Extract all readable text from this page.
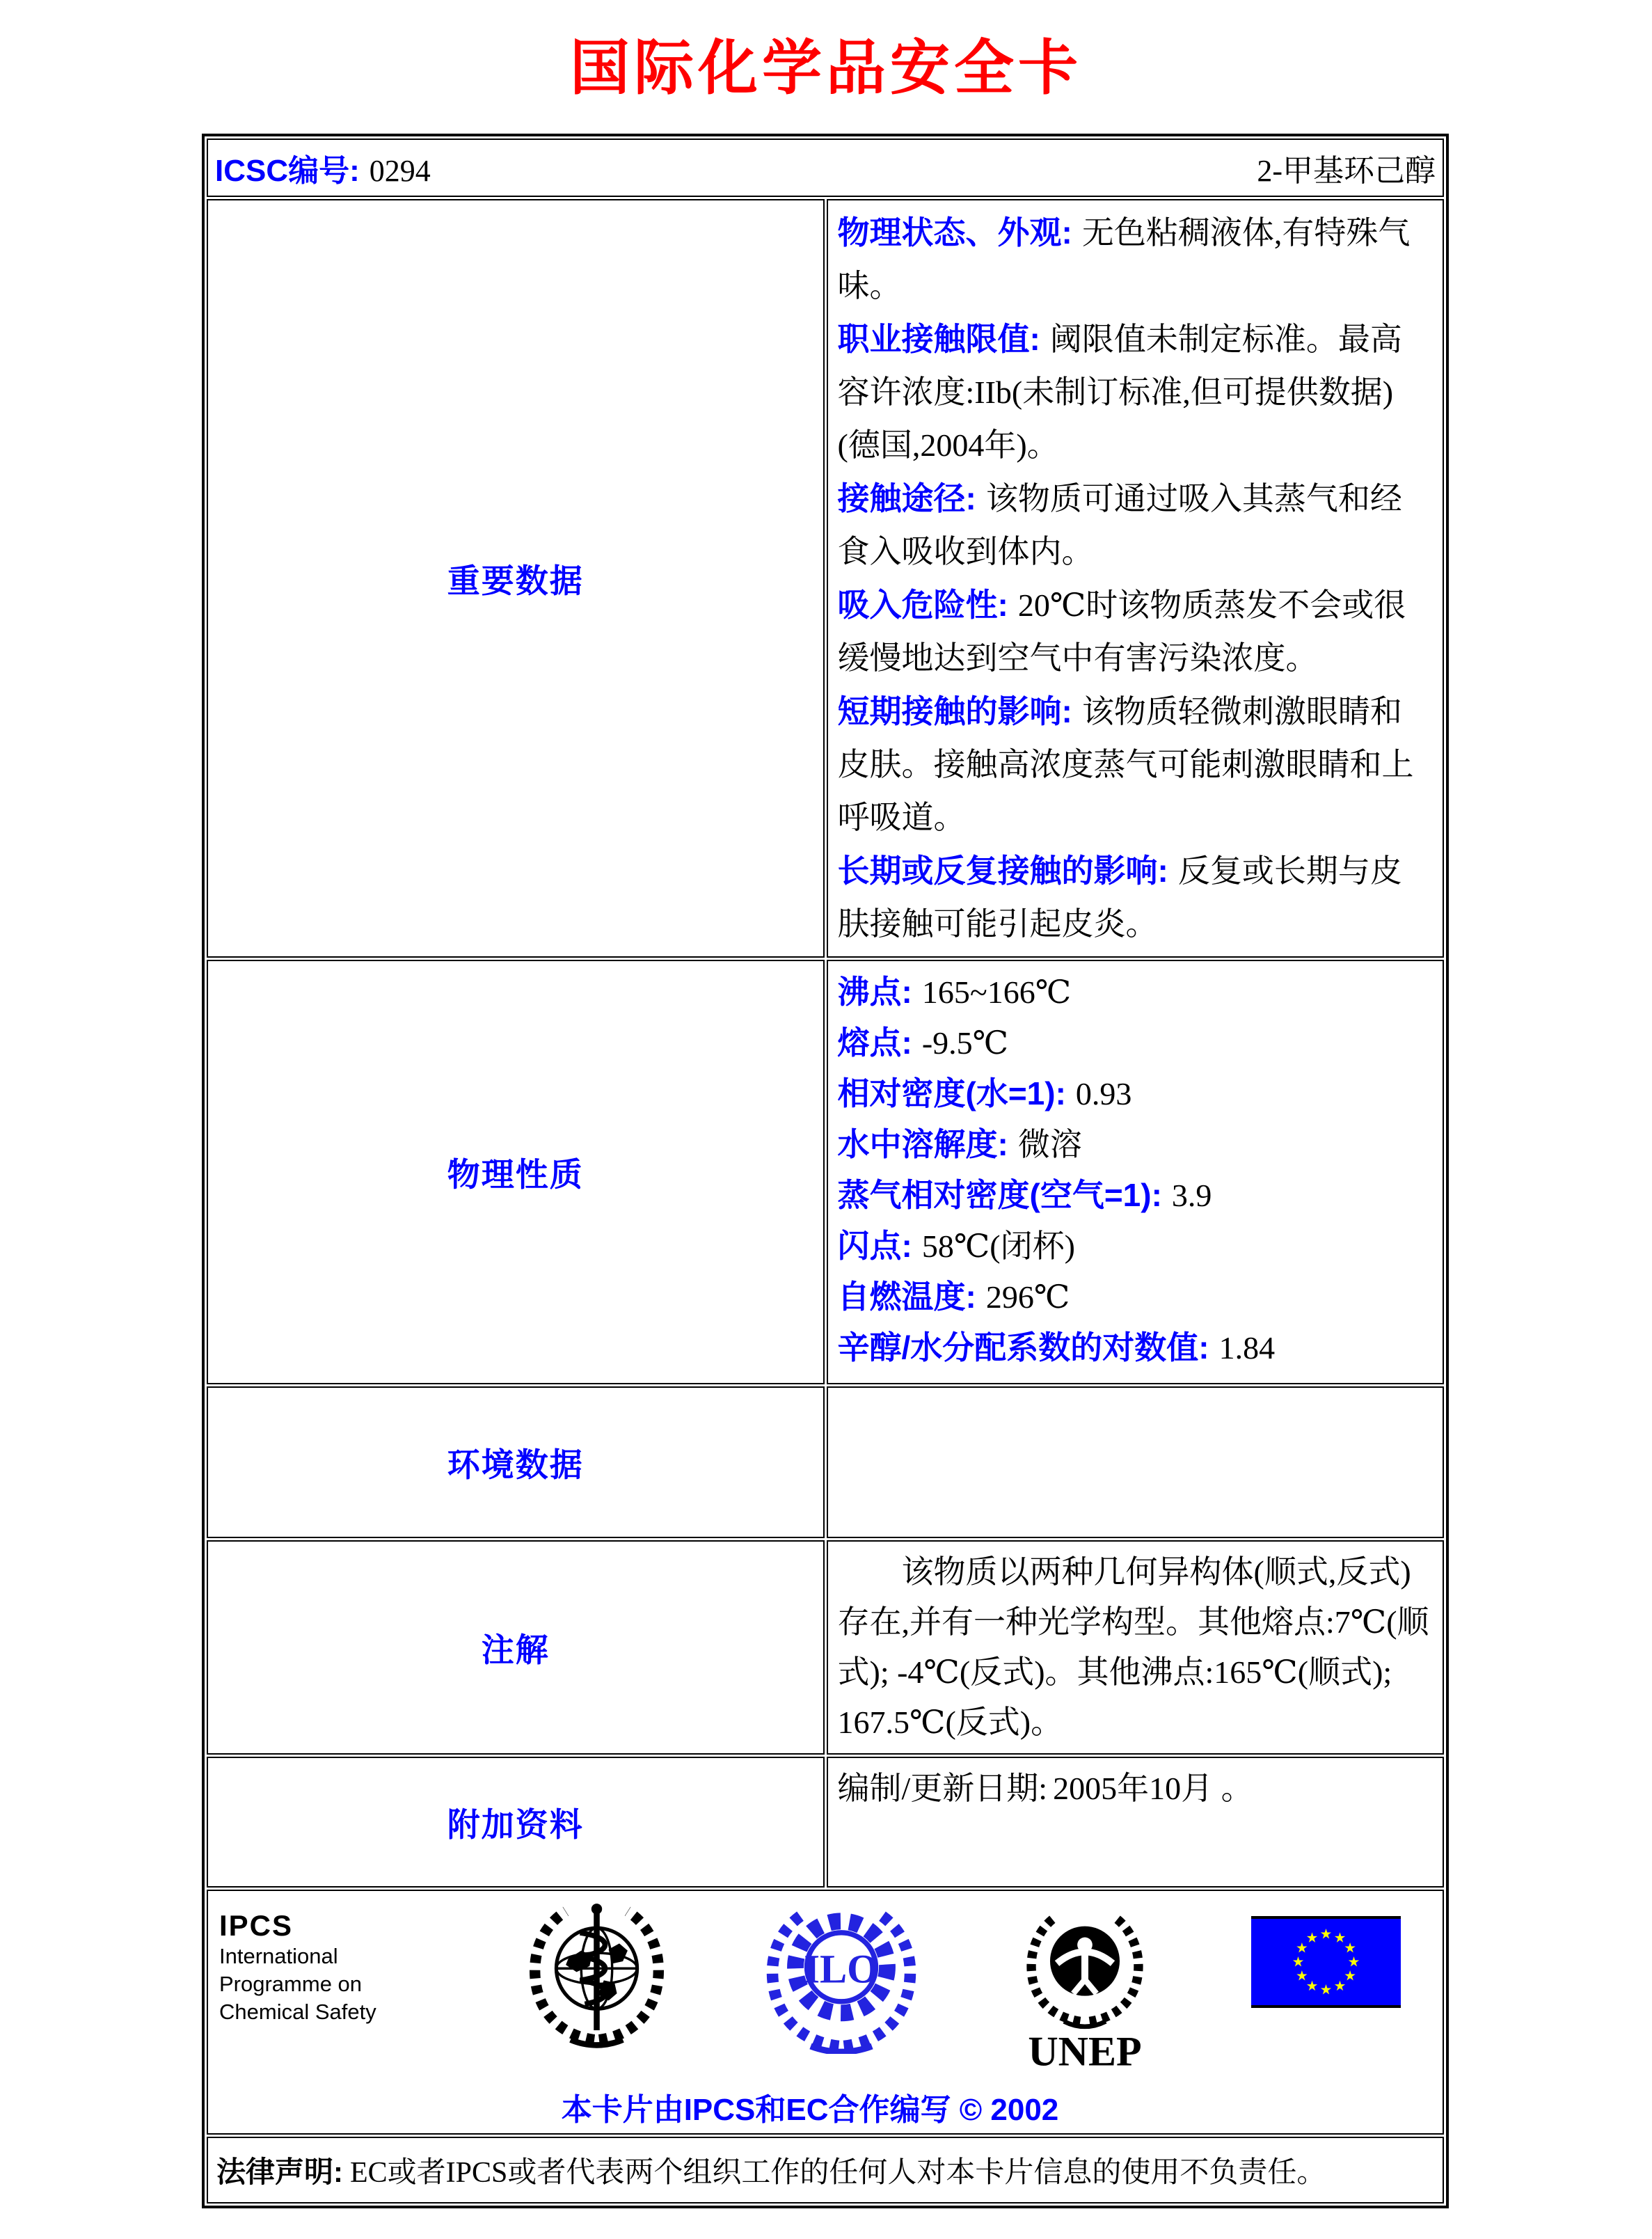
国际化学品安全卡
ICSC编号: 0294 2-甲基环己醇	

重要数据	
物理状态、外观: 无色粘稠液体,有特殊气味。
职业接触限值: 阈限值未制定标准。最高容许浓度:IIb(未制订标准,但可提供数据)(德国,2004年)。
接触途径: 该物质可通过吸入其蒸气和经食入吸收到体内。
吸入危险性: 20℃时该物质蒸发不会或很缓慢地达到空气中有害污染浓度。
短期接触的影响: 该物质轻微刺激眼睛和皮肤。接触高浓度蒸气可能刺激眼睛和上呼吸道。
长期或反复接触的影响: 反复或长期与皮肤接触可能引起皮炎。

物理性质	
沸点: 165~166℃
熔点: -9.5℃
相对密度(水=1): 0.93
水中溶解度: 微溶
蒸气相对密度(空气=1): 3.9
闪点: 58℃(闭杯)
自燃温度: 296℃
辛醇/水分配系数的对数值: 1.84

环境数据	
注解	该物质以两种几何异构体(顺式,反式)存在,并有一种光学构型。其他熔点:7℃(顺式); -4℃(反式)。其他沸点:165℃(顺式); 167.5℃(反式)。

附加资料	编制/更新日期: 2005年10月 。

IPCS
International
Programme on
Chemical Safety
ILO
UNEP
本卡片由IPCS和EC合作编写 © 2002

法律声明: EC或者IPCS或者代表两个组织工作的任何人对本卡片信息的使用不负责任。	
